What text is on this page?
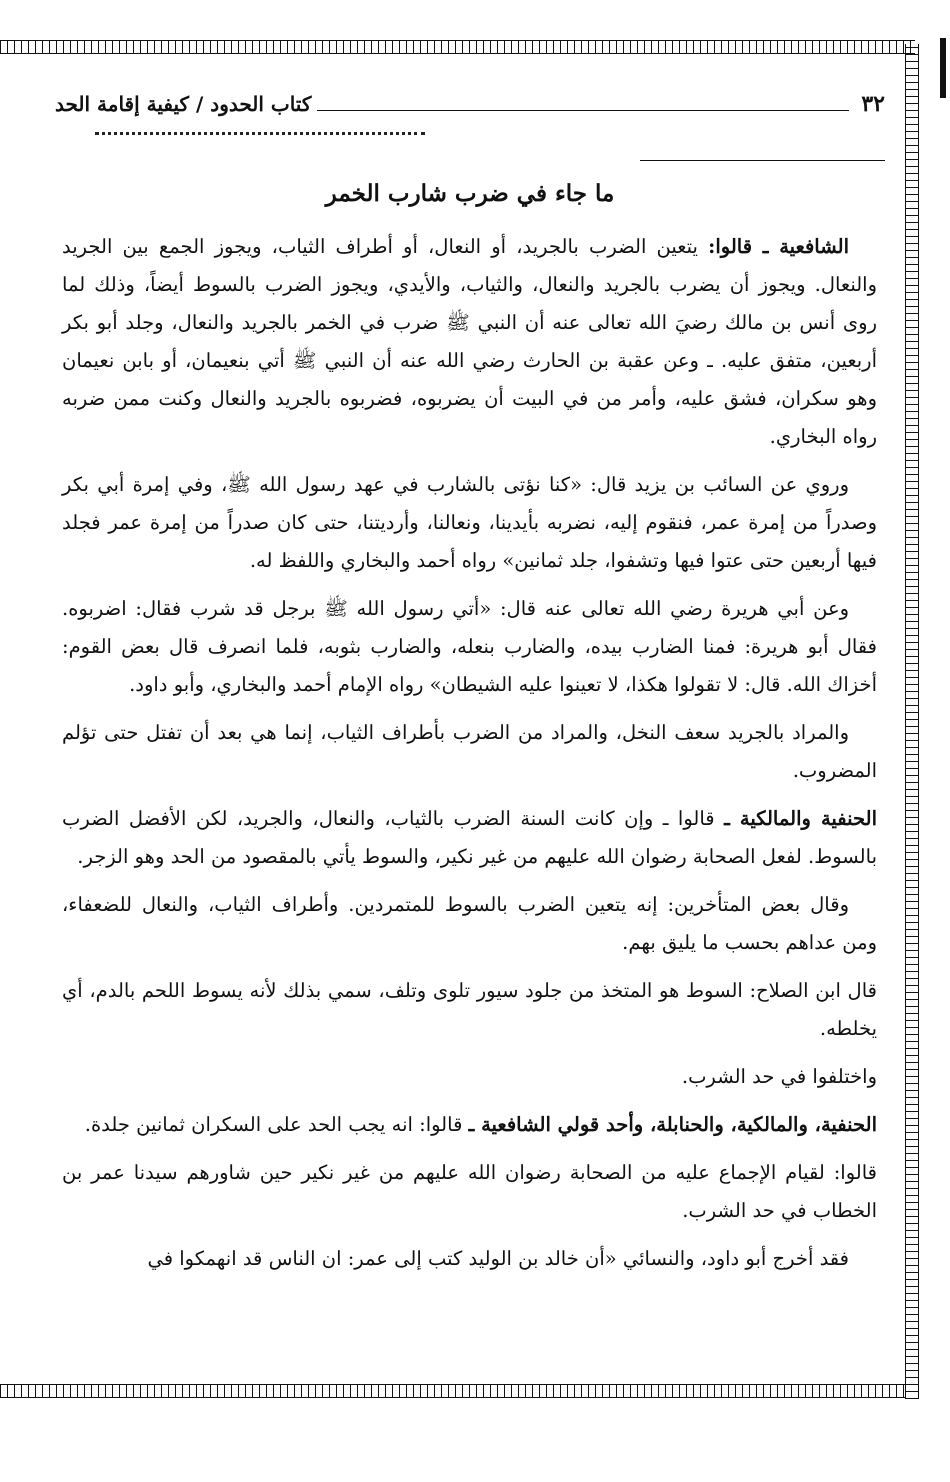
٣٢
كتاب الحدود / كيفية إقامة الحد
ما جاء في ضرب شارب الخمر

الشافعية ـ قالوا: يتعين الضرب بالجريد، أو النعال، أو أطراف الثياب، ويجوز الجمع بين الجريد والنعال. ويجوز أن يضرب بالجريد والنعال، والثياب، والأيدي، ويجوز الضرب بالسوط أيضاً، وذلك لما روى أنس بن مالك رضيَ الله تعالى عنه أن النبي ﷺ ضرب في الخمر بالجريد والنعال، وجلد أبو بكر أربعين، متفق عليه. ـ وعن عقبة بن الحارث رضي الله عنه أن النبي ﷺ أتي بنعيمان، أو بابن نعيمان وهو سكران، فشق عليه، وأمر من في البيت أن يضربوه، فضربوه بالجريد والنعال وكنت ممن ضربه رواه البخاري.

وروي عن السائب بن يزيد قال: «كنا نؤتى بالشارب في عهد رسول الله ﷺ، وفي إمرة أبي بكر وصدراً من إمرة عمر، فنقوم إليه، نضربه بأيدينا، ونعالنا، وأرديتنا، حتى كان صدراً من إمرة عمر فجلد فيها أربعين حتى عتوا فيها وتشفوا، جلد ثمانين» رواه أحمد والبخاري واللفظ له.

وعن أبي هريرة رضي الله تعالى عنه قال: «أتي رسول الله ﷺ برجل قد شرب فقال: اضربوه. فقال أبو هريرة: فمنا الضارب بيده، والضارب بنعله، والضارب بثوبه، فلما انصرف قال بعض القوم: أخزاك الله. قال: لا تقولوا هكذا، لا تعينوا عليه الشيطان» رواه الإمام أحمد والبخاري، وأبو داود.

والمراد بالجريد سعف النخل، والمراد من الضرب بأطراف الثياب، إنما هي بعد أن تفتل حتى تؤلم المضروب.

الحنفية والمالكية ـ قالوا ـ وإن كانت السنة الضرب بالثياب، والنعال، والجريد، لكن الأفضل الضرب بالسوط. لفعل الصحابة رضوان الله عليهم من غير نكير، والسوط يأتي بالمقصود من الحد وهو الزجر.

وقال بعض المتأخرين: إنه يتعين الضرب بالسوط للمتمردين. وأطراف الثياب، والنعال للضعفاء، ومن عداهم بحسب ما يليق بهم.

قال ابن الصلاح: السوط هو المتخذ من جلود سيور تلوى وتلف، سمي بذلك لأنه يسوط اللحم بالدم، أي يخلطه.

واختلفوا في حد الشرب.

الحنفية، والمالكية، والحنابلة، وأحد قولي الشافعية ـ قالوا: انه يجب الحد على السكران ثمانين جلدة.

قالوا: لقيام الإجماع عليه من الصحابة رضوان الله عليهم من غير نكير حين شاورهم سيدنا عمر بن الخطاب في حد الشرب.

فقد أخرج أبو داود، والنسائي «أن خالد بن الوليد كتب إلى عمر: ان الناس قد انهمكوا في
